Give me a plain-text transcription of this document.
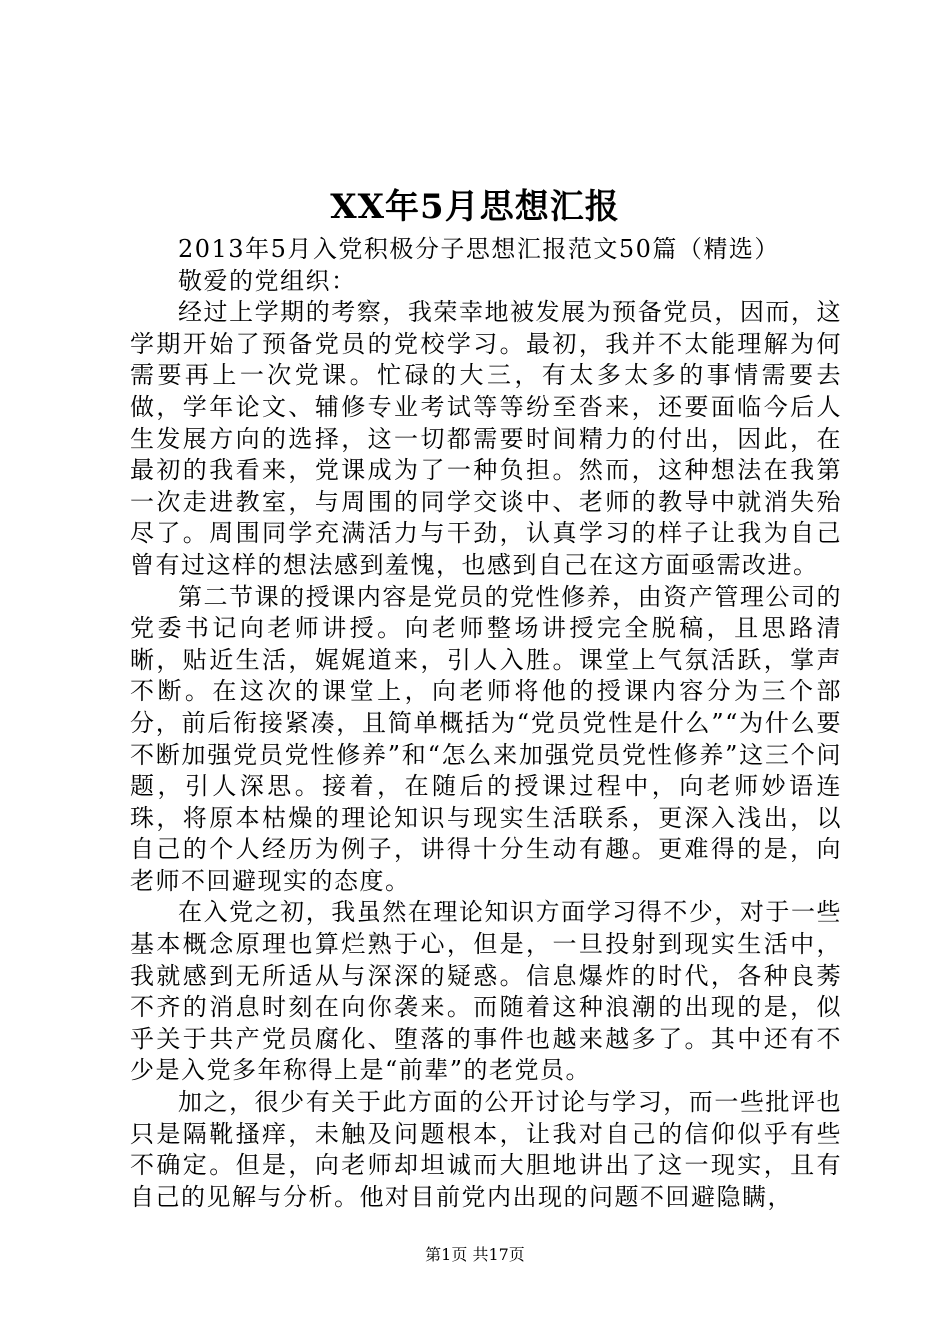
XX年5月思想汇报

2013年5月入党积极分子思想汇报范文50篇（精选）

敬爱的党组织：

经过上学期的考察，我荣幸地被发展为预备党员，因而，这学期开始了预备党员的党校学习。最初，我并不太能理解为何需要再上一次党课。忙碌的大三，有太多太多的事情需要去做，学年论文、辅修专业考试等等纷至沓来，还要面临今后人生发展方向的选择，这一切都需要时间精力的付出，因此，在最初的我看来，党课成为了一种负担。然而，这种想法在我第一次走进教室，与周围的同学交谈中、老师的教导中就消失殆尽了。周围同学充满活力与干劲，认真学习的样子让我为自己曾有过这样的想法感到羞愧，也感到自己在这方面亟需改进。

第二节课的授课内容是党员的党性修养，由资产管理公司的党委书记向老师讲授。向老师整场讲授完全脱稿，且思路清晰，贴近生活，娓娓道来，引人入胜。课堂上气氛活跃，掌声不断。在这次的课堂上，向老师将他的授课内容分为三个部分，前后衔接紧凑，且简单概括为“党员党性是什么”“为什么要不断加强党员党性修养”和“怎么来加强党员党性修养”这三个问题，引人深思。接着，在随后的授课过程中，向老师妙语连珠，将原本枯燥的理论知识与现实生活联系，更深入浅出，以自己的个人经历为例子，讲得十分生动有趣。更难得的是，向老师不回避现实的态度。

在入党之初，我虽然在理论知识方面学习得不少，对于一些基本概念原理也算烂熟于心，但是，一旦投射到现实生活中，我就感到无所适从与深深的疑惑。信息爆炸的时代，各种良莠不齐的消息时刻在向你袭来。而随着这种浪潮的出现的是，似乎关于共产党员腐化、堕落的事件也越来越多了。其中还有不少是入党多年称得上是“前辈”的老党员。

加之，很少有关于此方面的公开讨论与学习，而一些批评也只是隔靴搔痒，未触及问题根本，让我对自己的信仰似乎有些不确定。但是，向老师却坦诚而大胆地讲出了这一现实，且有自己的见解与分析。他对目前党内出现的问题不回避隐瞒，

第1页 共17页
